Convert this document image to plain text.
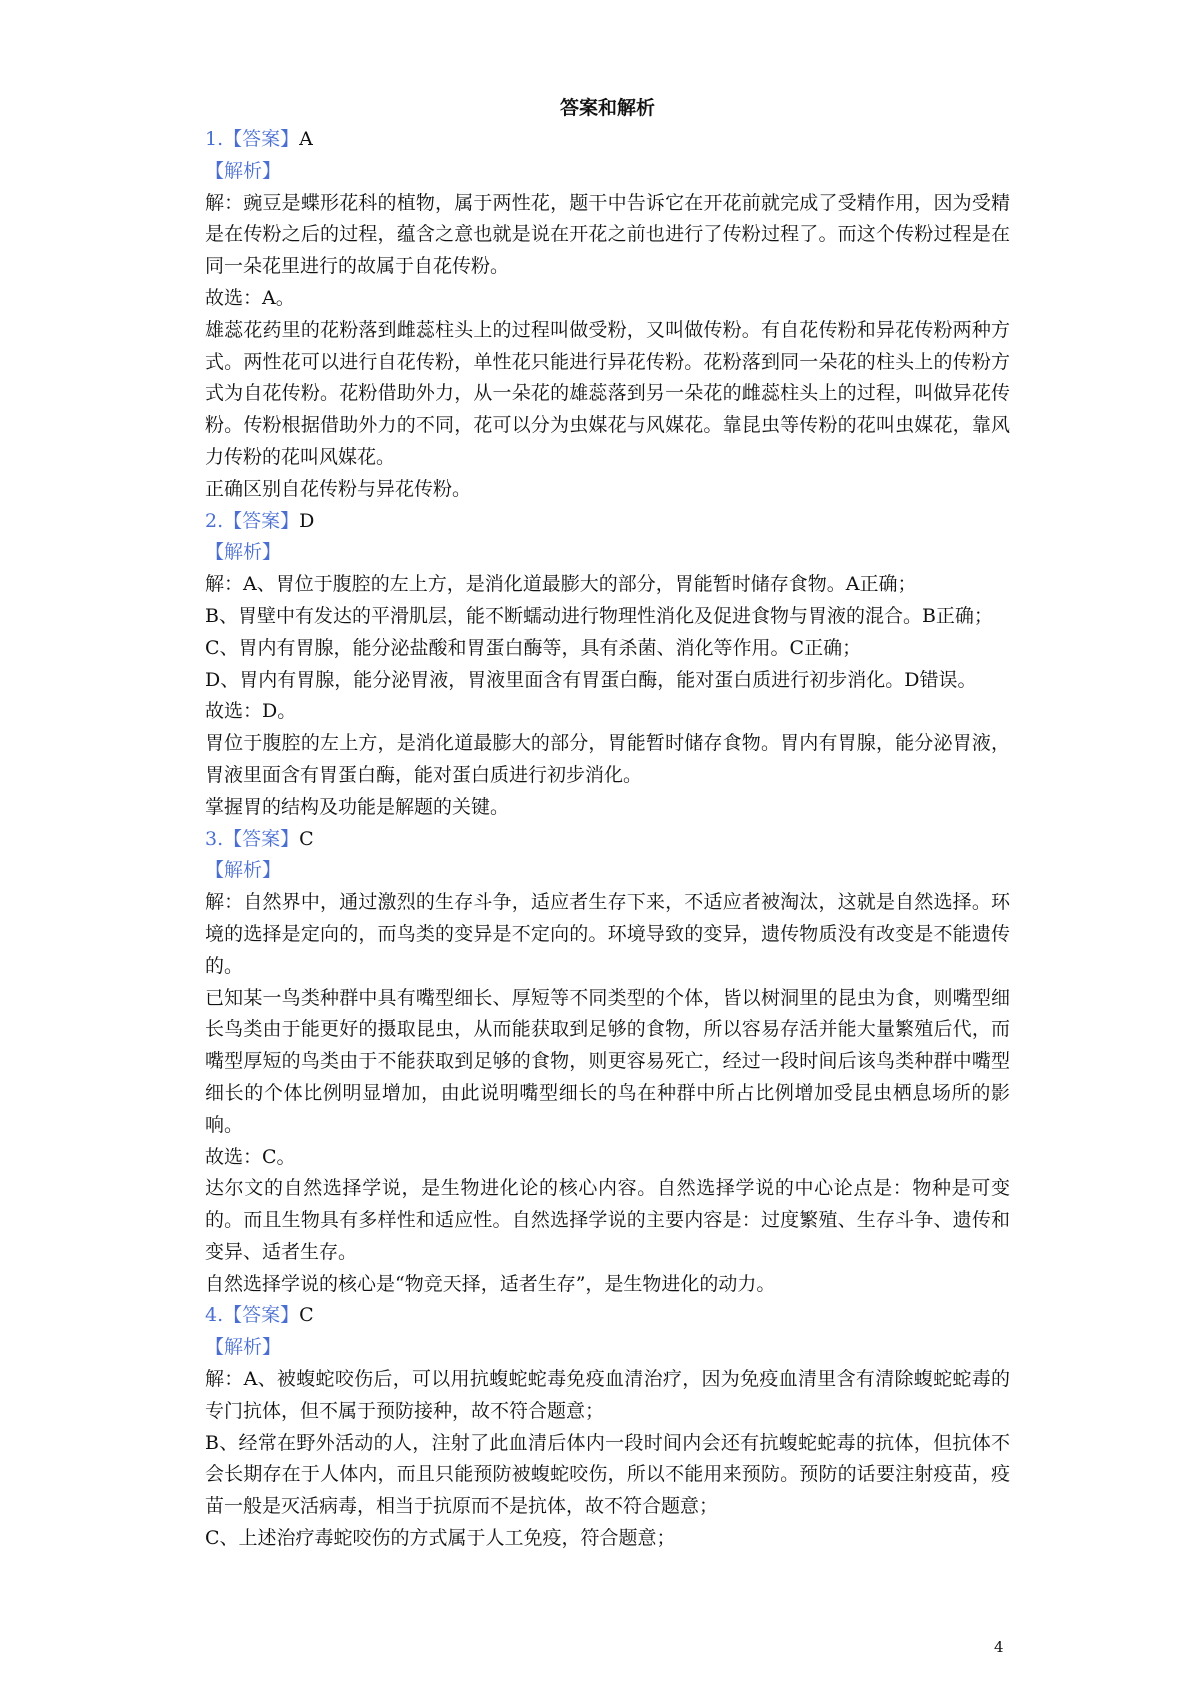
答案和解析

1.【答案】A

【解析】

解：豌豆是蝶形花科的植物，属于两性花，题干中告诉它在开花前就完成了受精作用，因为受精是在传粉之后的过程，蕴含之意也就是说在开花之前也进行了传粉过程了。而这个传粉过程是在同一朵花里进行的故属于自花传粉。

故选：A。

雄蕊花药里的花粉落到雌蕊柱头上的过程叫做受粉，又叫做传粉。有自花传粉和异花传粉两种方式。两性花可以进行自花传粉，单性花只能进行异花传粉。花粉落到同一朵花的柱头上的传粉方式为自花传粉。花粉借助外力，从一朵花的雄蕊落到另一朵花的雌蕊柱头上的过程，叫做异花传粉。传粉根据借助外力的不同，花可以分为虫媒花与风媒花。靠昆虫等传粉的花叫虫媒花，靠风力传粉的花叫风媒花。

正确区别自花传粉与异花传粉。

2.【答案】D

【解析】

解：A、胃位于腹腔的左上方，是消化道最膨大的部分，胃能暂时储存食物。A正确；

B、胃壁中有发达的平滑肌层，能不断蠕动进行物理性消化及促进食物与胃液的混合。B正确；

C、胃内有胃腺，能分泌盐酸和胃蛋白酶等，具有杀菌、消化等作用。C正确；

D、胃内有胃腺，能分泌胃液，胃液里面含有胃蛋白酶，能对蛋白质进行初步消化。D错误。

故选：D。

胃位于腹腔的左上方，是消化道最膨大的部分，胃能暂时储存食物。胃内有胃腺，能分泌胃液，胃液里面含有胃蛋白酶，能对蛋白质进行初步消化。

掌握胃的结构及功能是解题的关键。

3.【答案】C

【解析】

解：自然界中，通过激烈的生存斗争，适应者生存下来，不适应者被淘汰，这就是自然选择。环境的选择是定向的，而鸟类的变异是不定向的。环境导致的变异，遗传物质没有改变是不能遗传的。

已知某一鸟类种群中具有嘴型细长、厚短等不同类型的个体，皆以树洞里的昆虫为食，则嘴型细长鸟类由于能更好的摄取昆虫，从而能获取到足够的食物，所以容易存活并能大量繁殖后代，而嘴型厚短的鸟类由于不能获取到足够的食物，则更容易死亡，经过一段时间后该鸟类种群中嘴型细长的个体比例明显增加，由此说明嘴型细长的鸟在种群中所占比例增加受昆虫栖息场所的影响。

故选：C。

达尔文的自然选择学说，是生物进化论的核心内容。自然选择学说的中心论点是：物种是可变的。而且生物具有多样性和适应性。自然选择学说的主要内容是：过度繁殖、生存斗争、遗传和变异、适者生存。

自然选择学说的核心是“物竞天择，适者生存”，是生物进化的动力。

4.【答案】C

【解析】

解：A、被蝮蛇咬伤后，可以用抗蝮蛇蛇毒免疫血清治疗，因为免疫血清里含有清除蝮蛇蛇毒的专门抗体，但不属于预防接种，故不符合题意；

B、经常在野外活动的人，注射了此血清后体内一段时间内会还有抗蝮蛇蛇毒的抗体，但抗体不会长期存在于人体内，而且只能预防被蝮蛇咬伤，所以不能用来预防。预防的话要注射疫苗，疫苗一般是灭活病毒，相当于抗原而不是抗体，故不符合题意；

C、上述治疗毒蛇咬伤的方式属于人工免疫，符合题意；

4
